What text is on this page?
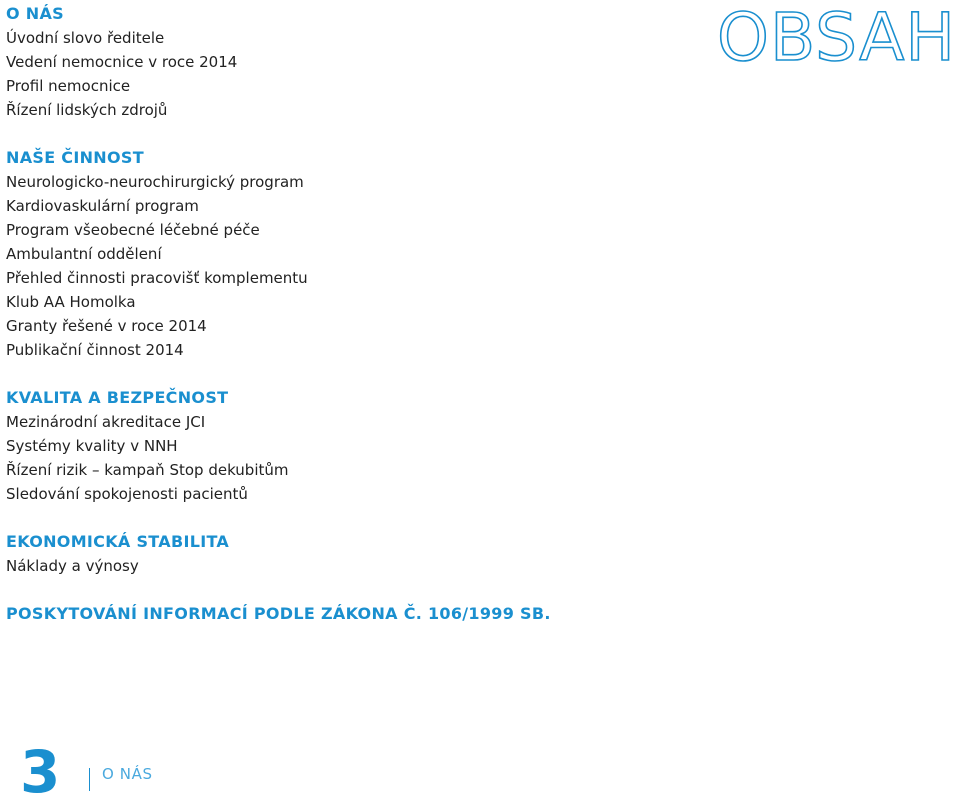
OBSAH
O NÁS
Úvodní slovo ředitele
Vedení nemocnice v roce 2014
Profil nemocnice
Řízení lidských zdrojů
NAŠE ČINNOST
Neurologicko-neurochirurgický program
Kardiovaskulární program
Program všeobecné léčebné péče
Ambulantní oddělení
Přehled činnosti pracovišť komplementu
Klub AA Homolka
Granty řešené v roce 2014
Publikační činnost 2014
KVALITA A BEZPEČNOST
Mezinárodní akreditace JCI
Systémy kvality v NNH
Řízení rizik – kampaň Stop dekubitům
Sledování spokojenosti pacientů
EKONOMICKÁ STABILITA
Náklady a výnosy
POSKYTOVÁNÍ INFORMACÍ PODLE ZÁKONA Č. 106/1999 SB.
3	O NÁS
